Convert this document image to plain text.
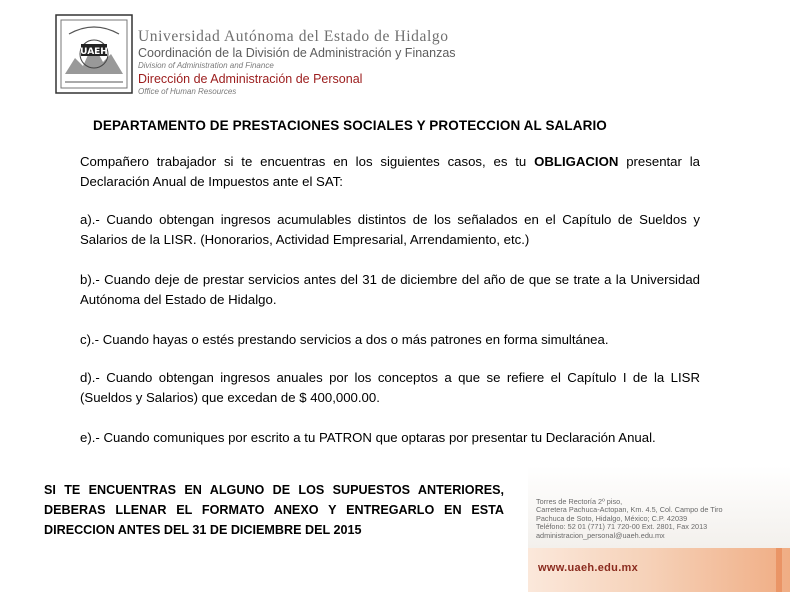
UAEH
Universidad Autónoma del Estado de Hidalgo
Coordinación de la División de Administración y Finanzas
Division of Administration and Finance
Dirección de Administración de Personal
Office of Human Resources
DEPARTAMENTO DE PRESTACIONES SOCIALES Y PROTECCION AL SALARIO

Compañero trabajador si te encuentras en los siguientes casos, es tu OBLIGACION presentar la Declaración Anual de Impuestos ante el SAT:

a).- Cuando obtengan ingresos acumulables distintos de los señalados en el Capítulo de Sueldos y Salarios de la LISR. (Honorarios, Actividad Empresarial, Arrendamiento, etc.)

b).- Cuando deje de prestar servicios antes del 31 de diciembre del año de que se trate a la Universidad Autónoma del Estado de Hidalgo.

c).- Cuando hayas o estés prestando servicios a dos o más patrones en forma simultánea.

d).- Cuando obtengan ingresos anuales por los conceptos a que se refiere el Capítulo I de la LISR (Sueldos y Salarios) que excedan de $ 400,000.00.

e).- Cuando comuniques por escrito a tu PATRON que optaras por presentar tu Declaración Anual.

SI TE ENCUENTRAS EN ALGUNO DE LOS SUPUESTOS ANTERIORES, DEBERAS LLENAR EL FORMATO ANEXO Y ENTREGARLO EN ESTA DIRECCION ANTES DEL 31 DE DICIEMBRE DEL 2015
Torres de Rectoría 2º piso,
Carretera Pachuca-Actopan, Km. 4.5, Col. Campo de Tiro
Pachuca de Soto, Hidalgo, México; C.P. 42039
Teléfono: 52 01 (771) 71 720-00 Ext. 2801, Fax 2013
administracion_personal@uaeh.edu.mx
www.uaeh.edu.mx
